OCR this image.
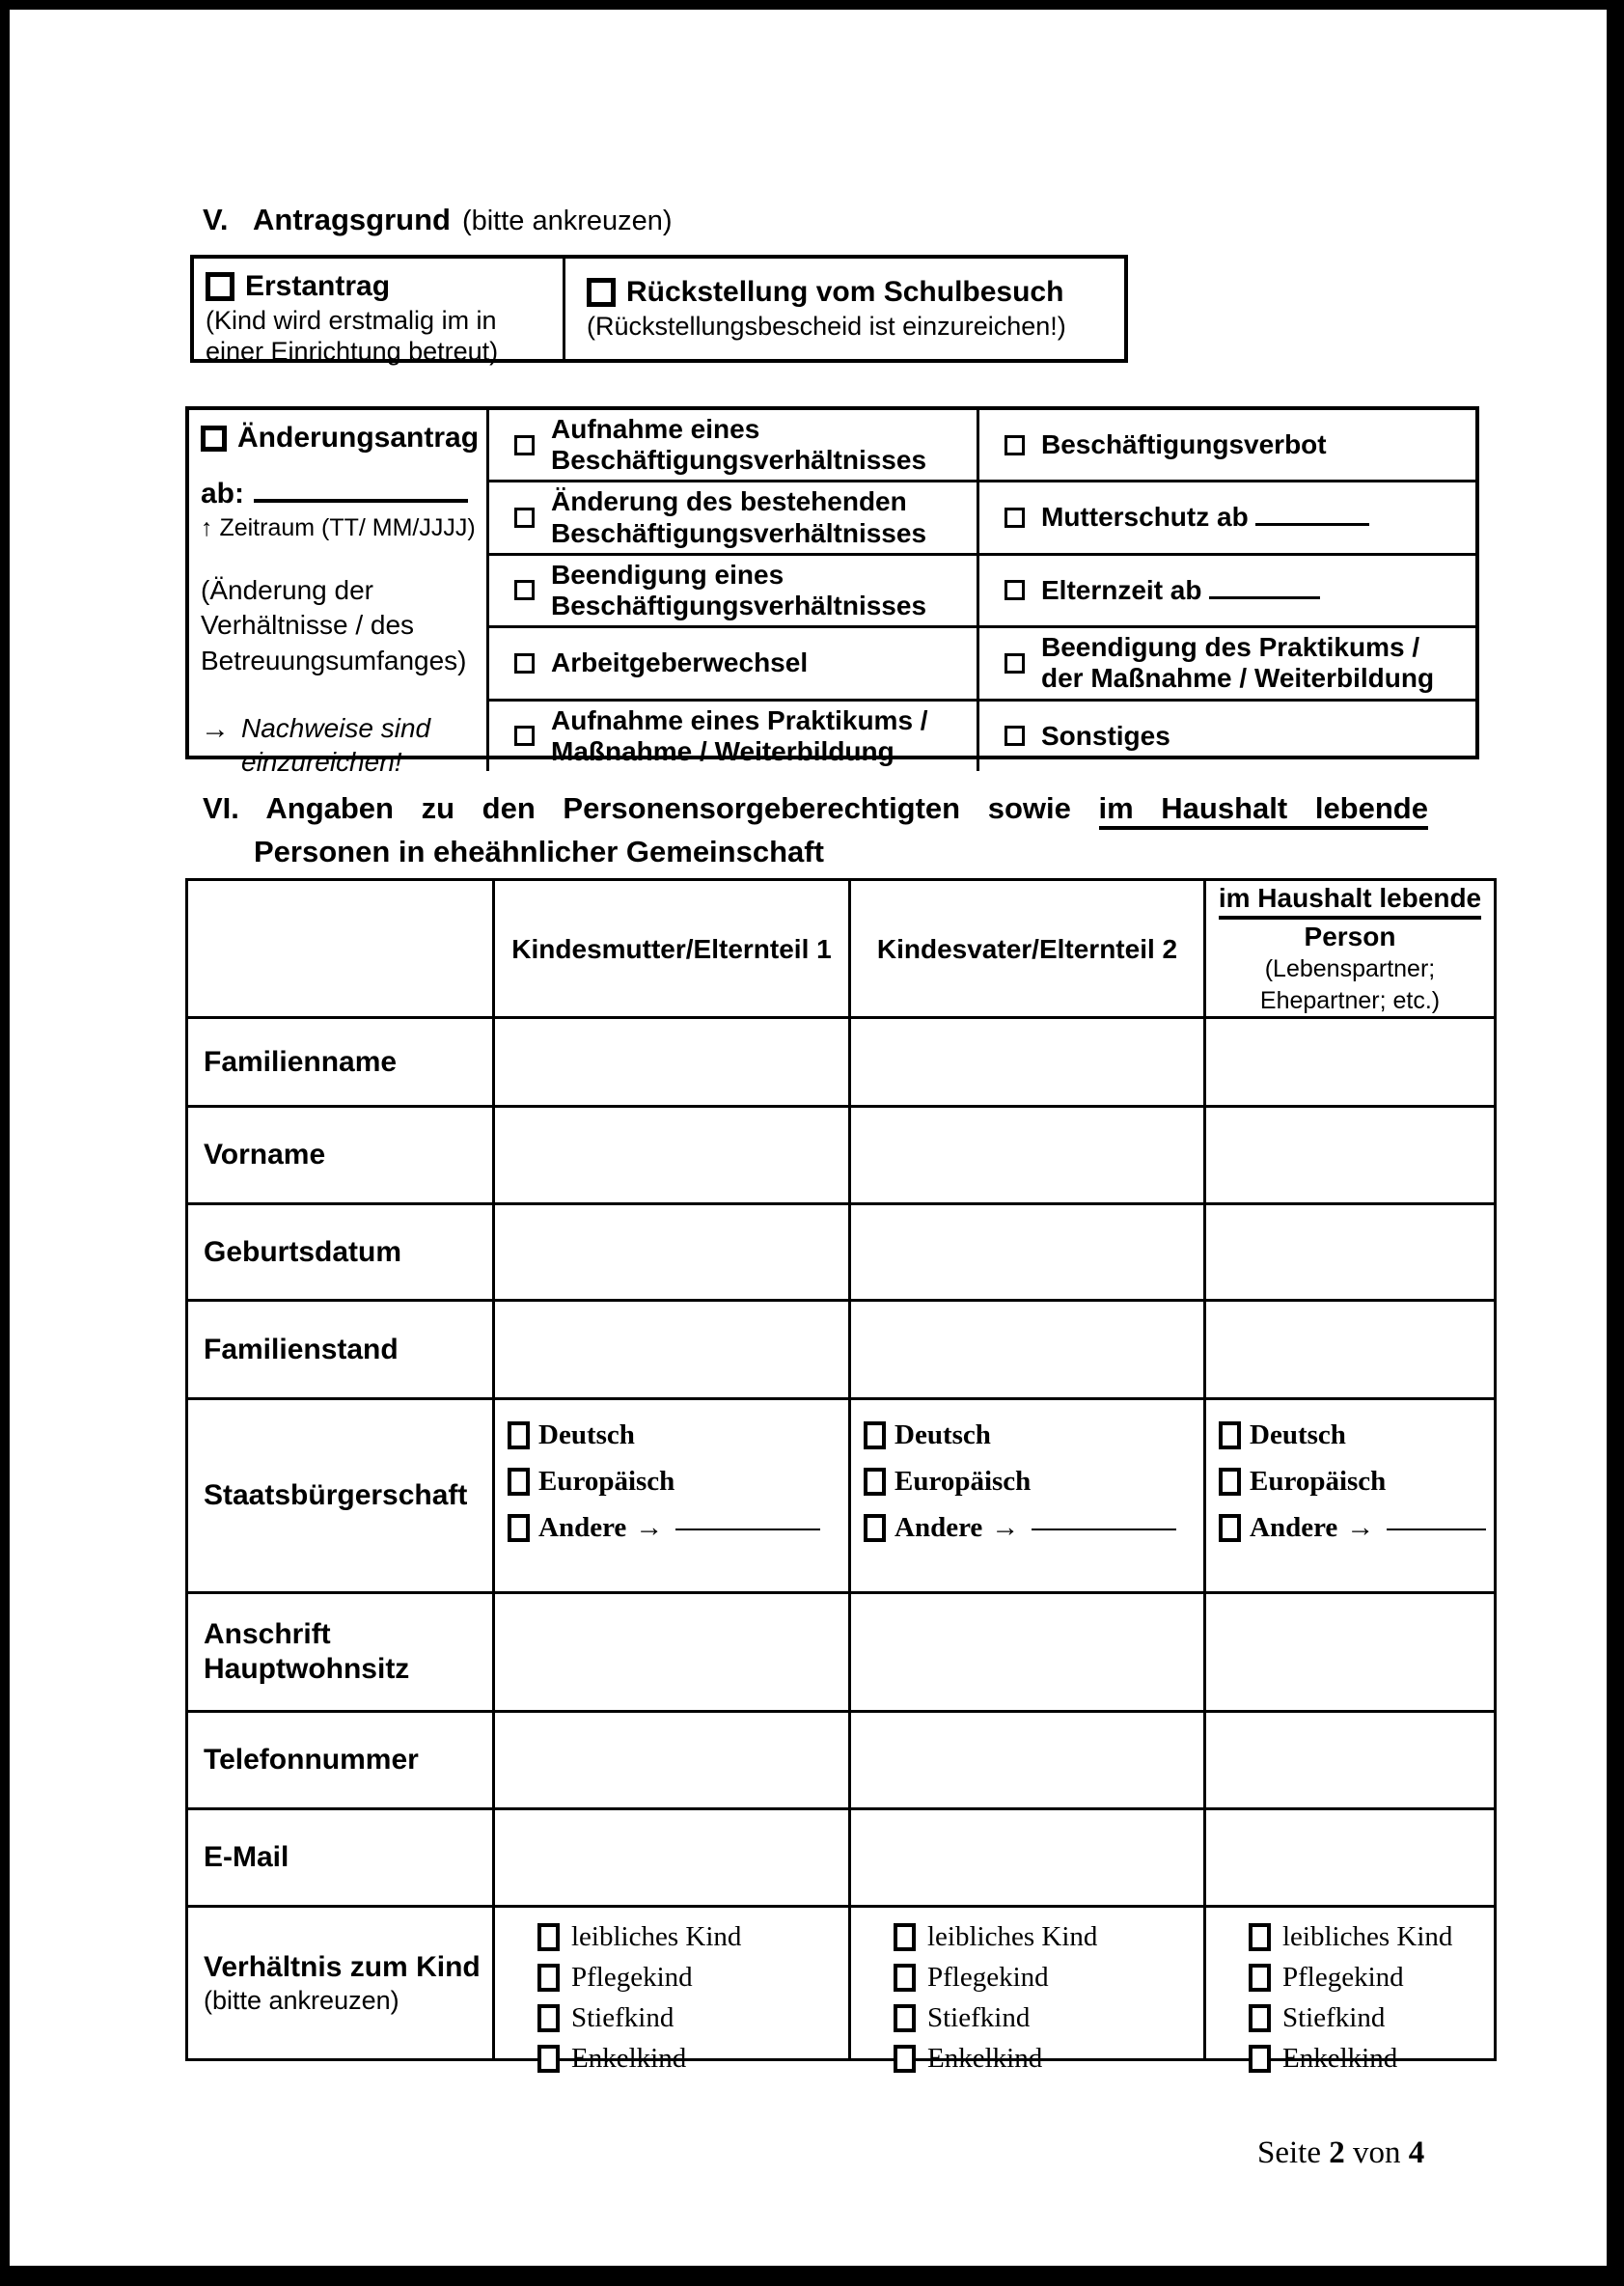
V. Antragsgrund (bitte ankreuzen)
Erstantrag
(Kind wird erstmalig im in einer Einrichtung betreut)
Rückstellung vom Schulbesuch
(Rückstellungsbescheid ist einzureichen!)
Änderungsantrag
ab:
↑ Zeitraum (TT/ MM/JJJJ)
(Änderung der Verhältnisse / des Betreuungsumfanges)
→ Nachweise sind einzureichen!
Aufnahme eines Beschäftigungsverhältnisses
Beschäftigungsverbot
Änderung des bestehenden Beschäftigungsverhältnisses
Mutterschutz ab
Beendigung eines Beschäftigungsverhältnisses
Elternzeit ab
Arbeitgeberwechsel
Beendigung des Praktikums / der Maßnahme / Weiterbildung
Aufnahme eines Praktikums / Maßnahme / Weiterbildung
Sonstiges
VI. Angaben zu den Personensorgeberechtigten sowie im Haushalt lebende
Personen in eheähnlicher Gemeinschaft
Kindesmutter/Elternteil 1	Kindesvater/Elternteil 2
im Haushalt lebende
Person
(Lebenspartner; Ehepartner; etc.)
Familienname
Vorname
Geburtsdatum
Familienstand
Staatsbürgerschaft
Deutsch
Europäisch
Andere →
Deutsch
Europäisch
Andere →
Deutsch
Europäisch
Andere →
Anschrift Hauptwohnsitz
Telefonnummer
E-Mail
Verhältnis zum Kind
(bitte ankreuzen)
leibliches Kind
Pflegekind
Stiefkind
Enkelkind
leibliches Kind
Pflegekind
Stiefkind
Enkelkind
leibliches Kind
Pflegekind
Stiefkind
Enkelkind
Seite 2 von 4
